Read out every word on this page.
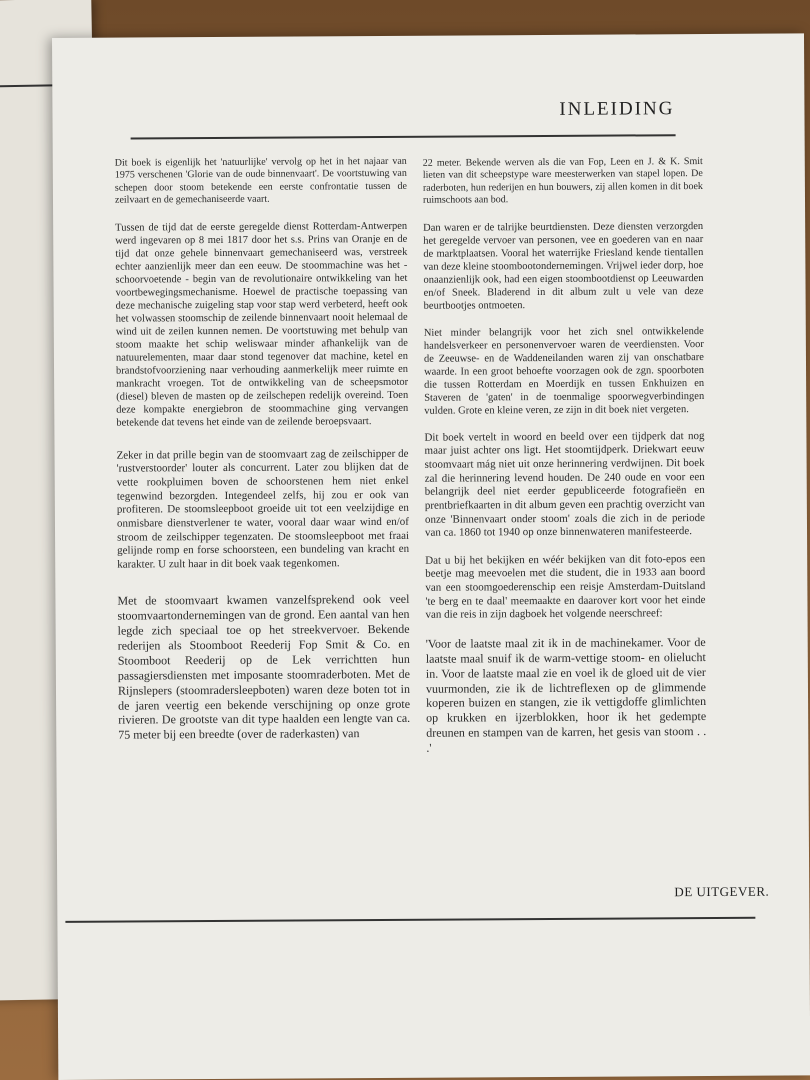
INLEIDING

Dit boek is eigenlijk het 'natuurlijke' vervolg op het in het najaar van 1975 verschenen 'Glorie van de oude binnenvaart'. De voortstuwing van schepen door stoom betekende een eerste confrontatie tussen de zeilvaart en de gemechaniseerde vaart.

Tussen de tijd dat de eerste geregelde dienst Rotterdam-Antwerpen werd ingevaren op 8 mei 1817 door het s.s. Prins van Oranje en de tijd dat onze gehele binnenvaart gemechaniseerd was, verstreek echter aanzienlijk meer dan een eeuw. De stoommachine was het - schoorvoetende - begin van de revolutionaire ontwikkeling van het voortbewegingsmechanisme. Hoewel de practische toepassing van deze mechanische zuigeling stap voor stap werd verbeterd, heeft ook het volwassen stoomschip de zeilende binnenvaart nooit helemaal de wind uit de zeilen kunnen nemen. De voortstuwing met behulp van stoom maakte het schip weliswaar minder afhankelijk van de natuurelementen, maar daar stond tegenover dat machine, ketel en brandstofvoorziening naar verhouding aanmerkelijk meer ruimte en mankracht vroegen. Tot de ontwikkeling van de scheepsmotor (diesel) bleven de masten op de zeilschepen redelijk overeind. Toen deze kompakte energiebron de stoommachine ging vervangen betekende dat tevens het einde van de zeilende beroepsvaart.

Zeker in dat prille begin van de stoomvaart zag de zeilschipper de 'rustverstoorder' louter als concurrent. Later zou blijken dat de vette rookpluimen boven de schoorstenen hem niet enkel tegenwind bezorgden. Integendeel zelfs, hij zou er ook van profiteren. De stoomsleepboot groeide uit tot een veelzijdige en onmisbare dienstverlener te water, vooral daar waar wind en/of stroom de zeilschipper tegenzaten. De stoomsleepboot met fraai gelijnde romp en forse schoorsteen, een bundeling van kracht en karakter. U zult haar in dit boek vaak tegenkomen.

Met de stoomvaart kwamen vanzelfsprekend ook veel stoomvaartondernemingen van de grond. Een aantal van hen legde zich speciaal toe op het streekvervoer. Bekende rederijen als Stoomboot Reederij Fop Smit & Co. en Stoomboot Reederij op de Lek verrichtten hun passagiersdiensten met imposante stoomraderboten. Met de Rijnslepers (stoomradersleepboten) waren deze boten tot in de jaren veertig een bekende verschijning op onze grote rivieren. De grootste van dit type haalden een lengte van ca. 75 meter bij een breedte (over de raderkasten) van

22 meter. Bekende werven als die van Fop, Leen en J. & K. Smit lieten van dit scheepstype ware meesterwerken van stapel lopen. De raderboten, hun rederijen en hun bouwers, zij allen komen in dit boek ruimschoots aan bod.

Dan waren er de talrijke beurtdiensten. Deze diensten verzorgden het geregelde vervoer van personen, vee en goederen van en naar de marktplaatsen. Vooral het waterrijke Friesland kende tientallen van deze kleine stoombootondernemingen. Vrijwel ieder dorp, hoe onaanzienlijk ook, had een eigen stoombootdienst op Leeuwarden en/of Sneek. Bladerend in dit album zult u vele van deze beurtbootjes ontmoeten.

Niet minder belangrijk voor het zich snel ontwikkelende handelsverkeer en personenvervoer waren de veerdiensten. Voor de Zeeuwse- en de Waddeneilanden waren zij van onschatbare waarde. In een groot behoefte voorzagen ook de zgn. spoorboten die tussen Rotterdam en Moerdijk en tussen Enkhuizen en Staveren de 'gaten' in de toenmalige spoorwegverbindingen vulden. Grote en kleine veren, ze zijn in dit boek niet vergeten.

Dit boek vertelt in woord en beeld over een tijdperk dat nog maar juist achter ons ligt. Het stoomtijdperk. Driekwart eeuw stoomvaart mág niet uit onze herinnering verdwijnen. Dit boek zal die herinnering levend houden. De 240 oude en voor een belangrijk deel niet eerder gepubliceerde fotografieën en prentbriefkaarten in dit album geven een prachtig overzicht van onze 'Binnenvaart onder stoom' zoals die zich in de periode van ca. 1860 tot 1940 op onze binnenwateren manifesteerde.

Dat u bij het bekijken en wéér bekijken van dit foto-epos een beetje mag meevoelen met die student, die in 1933 aan boord van een stoomgoederenschip een reisje Amsterdam-Duitsland 'te berg en te daal' meemaakte en daarover kort voor het einde van die reis in zijn dagboek het volgende neerschreef:

'Voor de laatste maal zit ik in de machinekamer. Voor de laatste maal snuif ik de warm-vettige stoom- en olielucht in. Voor de laatste maal zie en voel ik de gloed uit de vier vuurmonden, zie ik de lichtreflexen op de glimmende koperen buizen en stangen, zie ik vettigdoffe glimlichten op krukken en ijzerblokken, hoor ik het gedempte dreunen en stampen van de karren, het gesis van stoom . . .'

DE UITGEVER.
